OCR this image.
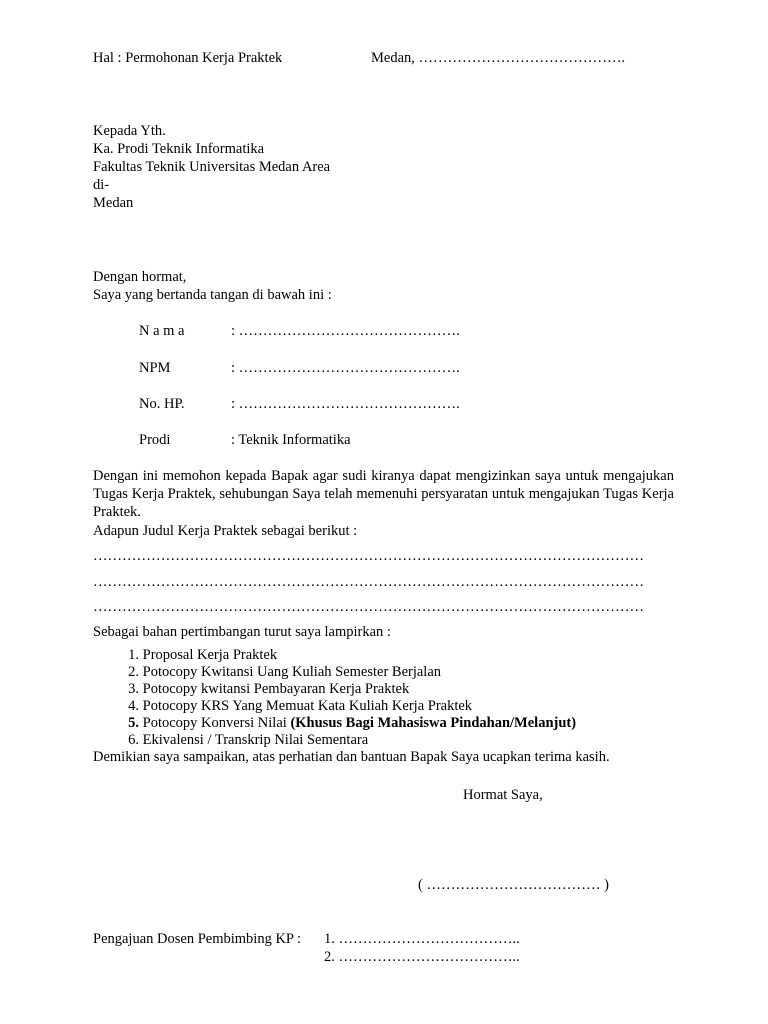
Hal : Permohonan Kerja Praktek	Medan, …………………………………….
Kepada Yth.
Ka. Prodi Teknik Informatika
Fakultas Teknik Universitas Medan Area
di-
Medan
Dengan hormat,
Saya yang bertanda tangan di bawah ini :
N a m a	: ……………………………………….
NPM	: ……………………………………….
No. HP.	: ……………………………………….
Prodi	: Teknik Informatika
Dengan ini memohon kepada Bapak agar sudi kiranya dapat mengizinkan saya untuk mengajukan Tugas Kerja Praktek, sehubungan Saya telah memenuhi persyaratan untuk mengajukan Tugas Kerja Praktek.
Adapun Judul Kerja Praktek sebagai berikut :
……………………………………………………………………………………………………
……………………………………………………………………………………………………
……………………………………………………………………………………………………
Sebagai bahan pertimbangan turut saya lampirkan :
1. Proposal Kerja Praktek
2. Potocopy Kwitansi Uang Kuliah Semester Berjalan
3. Potocopy kwitansi Pembayaran Kerja Praktek
4. Potocopy KRS Yang Memuat Kata Kuliah Kerja Praktek
5. Potocopy Konversi Nilai (Khusus Bagi Mahasiswa Pindahan/Melanjut)
6. Ekivalensi / Transkrip Nilai Sementara
Demikian saya sampaikan, atas perhatian dan bantuan Bapak Saya ucapkan terima kasih.
Hormat Saya,
( ……………………………… )
Pengajuan Dosen Pembimbing KP : 1. ………………………………..
2. ………………………………..
